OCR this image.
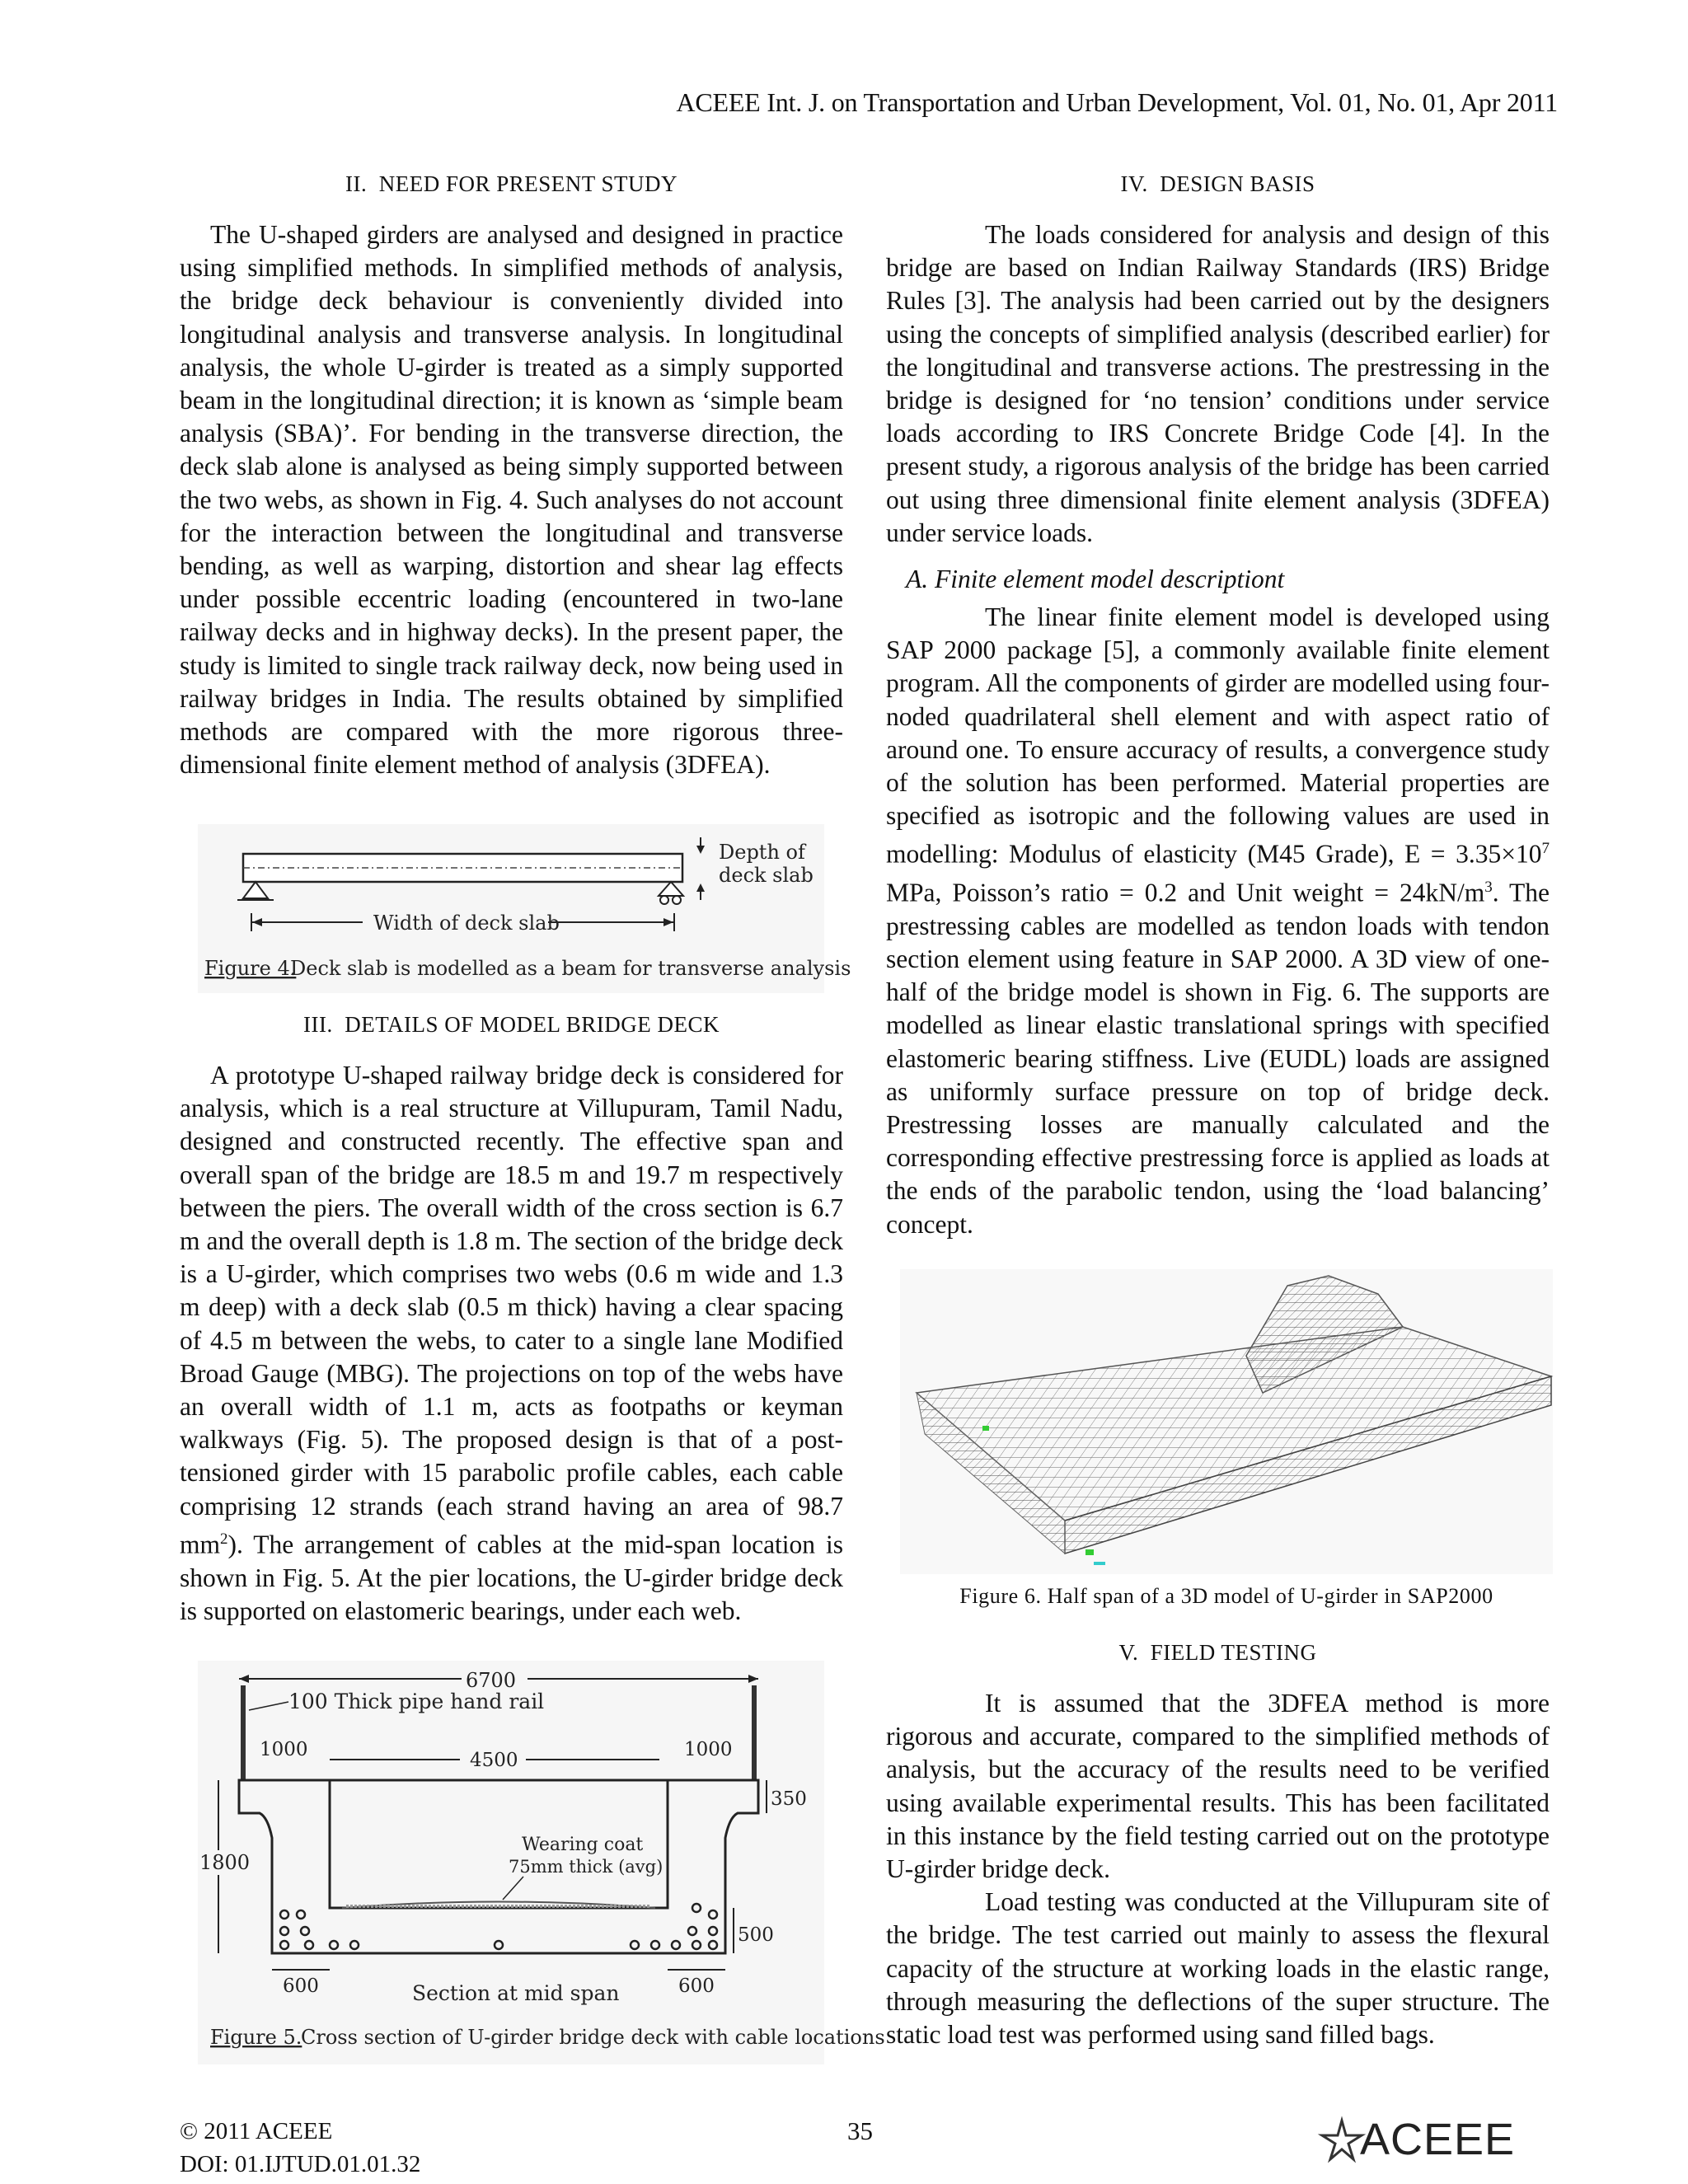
ACEEE Int. J. on Transportation and Urban Development, Vol. 01, No. 01, Apr 2011
II. NEED FOR PRESENT STUDY
The U-shaped girders are analysed and designed in practice using simplified methods. In simplified methods of analysis, the bridge deck behaviour is conveniently divided into longitudinal analysis and transverse analysis. In longitudinal analysis, the whole U-girder is treated as a simply supported beam in the longitudinal direction; it is known as ‘simple beam analysis (SBA)’. For bending in the transverse direction, the deck slab alone is analysed as being simply supported between the two webs, as shown in Fig. 4. Such analyses do not account for the interaction between the longitudinal and transverse bending, as well as warping, distortion and shear lag effects under possible eccentric loading (encountered in two-lane railway decks and in highway decks). In the present paper, the study is limited to single track railway deck, now being used in railway bridges in India. The results obtained by simplified methods are compared with the more rigorous three-dimensional finite element method of analysis (3DFEA).
Depth of
deck slab
Width of deck slab
Figure 4.
Deck slab is modelled as a beam for transverse analysis
III. DETAILS OF MODEL BRIDGE DECK
A prototype U-shaped railway bridge deck is considered for analysis, which is a real structure at Villupuram, Tamil Nadu, designed and constructed recently. The effective span and overall span of the bridge are 18.5 m and 19.7 m respectively between the piers. The overall width of the cross section is 6.7 m and the overall depth is 1.8 m. The section of the bridge deck is a U-girder, which comprises two webs (0.6 m wide and 1.3 m deep) with a deck slab (0.5 m thick) having a clear spacing of 4.5 m between the webs, to cater to a single lane Modified Broad Gauge (MBG). The projections on top of the webs have an overall width of 1.1 m, acts as footpaths or keyman walkways (Fig. 5). The proposed design is that of a post-tensioned girder with 15 parabolic profile cables, each cable comprising 12 strands (each strand having an area of 98.7 $mm^2$). The arrangement of cables at the mid-span location is shown in Fig. 5. At the pier locations, the U-girder bridge deck is supported on elastomeric bearings, under each web.
6700
100 Thick pipe hand rail
1000	1000
4500
350
1800
Wearing coat
75mm thick (avg)
500
600	600
Section at mid span
Figure 5.
Cross section of U-girder bridge deck with cable locations
IV. DESIGN BASIS
The loads considered for analysis and design of this bridge are based on Indian Railway Standards (IRS) Bridge Rules [3]. The analysis had been carried out by the designers using the concepts of simplified analysis (described earlier) for the longitudinal and transverse actions. The prestressing in the bridge is designed for ‘no tension’ conditions under service loads according to IRS Concrete Bridge Code [4]. In the present study, a rigorous analysis of the bridge has been carried out using three dimensional finite element analysis (3DFEA) under service loads.
A. Finite element model descriptiont
The linear finite element model is developed using SAP 2000 package [5], a commonly available finite element program. All the components of girder are modelled using four-noded quadrilateral shell element and with aspect ratio of around one. To ensure accuracy of results, a convergence study of the solution has been performed. Material properties are specified as isotropic and the following values are used in modelling: Modulus of elasticity (M45 Grade), $E = 3.35\times 10^7$ MPa, Poisson’s ratio = 0.2 and Unit weight = $24kN/m^3$. The prestressing cables are modelled as tendon loads with tendon section element using feature in SAP 2000. A 3D view of one-half of the bridge model is shown in Fig. 6. The supports are modelled as linear elastic translational springs with specified elastomeric bearing stiffness. Live (EUDL) loads are assigned as uniformly surface pressure on top of bridge deck. Prestressing losses are manually calculated and the corresponding effective prestressing force is applied as loads at the ends of the parabolic tendon, using the ‘load balancing’ concept.
Figure 6. Half span of a 3D model of U-girder in SAP2000
V. FIELD TESTING
It is assumed that the 3DFEA method is more rigorous and accurate, compared to the simplified methods of analysis, but the accuracy of the results need to be verified using available experimental results. This has been facilitated in this instance by the field testing carried out on the prototype U-girder bridge deck.
Load testing was conducted at the Villupuram site of the bridge. The test carried out mainly to assess the flexural capacity of the structure at working loads in the elastic range, through measuring the deflections of the super structure. The static load test was performed using sand filled bags.
© 2011 ACEEE
DOI: 01.IJTUD.01.01.32
35	ACEEE
